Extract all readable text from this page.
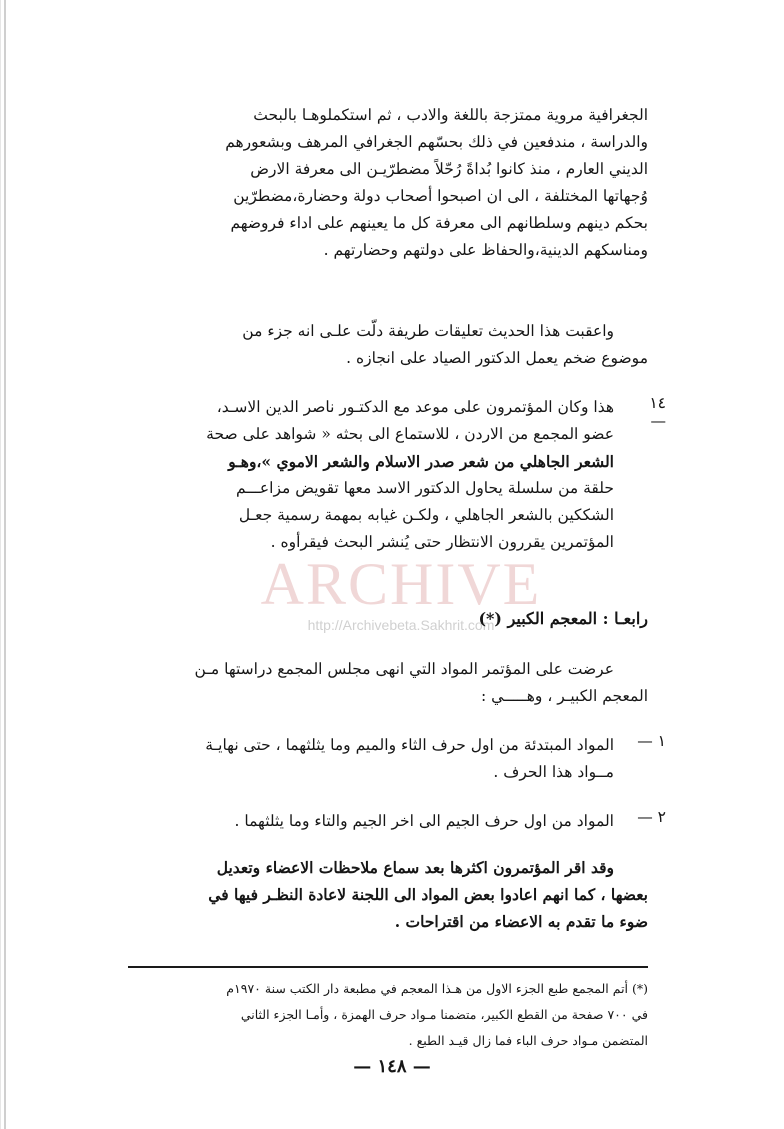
ARCHIVE
http://Archivebeta.Sakhrit.com
الجغرافية مروية ممتزجة باللغة والادب ، ثم استكملوهـا بالبحث
والدراسة ، مندفعين في ذلك بحسّهم الجغرافي المرهف وبشعورهم
الديني العارم ، منذ كانوا بُداةً رُحّلاً مضطرّيـن الى معرفة الارض
وُجهاتها المختلفة ، الى ان اصبحوا أصحاب دولة وحضارة،مضطرّين
بحكم دينهم وسلطانهم الى معرفة كل ما يعينهم على اداء فروضهم
ومناسكهم الدينية،والحفاظ على دولتهم وحضارتهم .
واعقبت هذا الحديث تعليقات طريفة دلّت علـى انه جزء من
موضوع ضخم يعمل الدكتور الصياد على انجازه .
١٤ —
هذا وكان المؤتمرون على موعد مع الدكتـور ناصر الدين الاسـد،
عضو المجمع من الاردن ، للاستماع الى بحثه « شواهد على صحة
الشعر الجاهلي من شعر صدر الاسلام والشعر الاموي »،وهـو
حلقة من سلسلة يحاول الدكتور الاسد معها تقويض مزاعـــم
الشككين بالشعر الجاهلي ، ولكـن غيابه بمهمة رسمية جعـل
المؤتمرين يقررون الانتظار حتى يُنشر البحث فيقرأوه .
رابعـا : المعجم الكبير (*)
عرضت على المؤتمر المواد التي انهى مجلس المجمع دراستها مـن
المعجم الكبيـر ، وهـــــي :
١ —
المواد المبتدئة من اول حرف الثاء والميم وما يثلثهما ، حتى نهايـة
مــواد هذا الحرف .
٢ —
المواد من اول حرف الجيم الى اخر الجيم والتاء وما يثلثهما .
وقد اقر المؤتمرون اكثرها بعد سماع ملاحظات الاعضاء وتعديل
بعضها ، كما انهم اعادوا بعض المواد الى اللجنة لاعادة النظـر فيها في
ضوء ما تقدم به الاعضاء من اقتراحات .
(*) أتم المجمع طبع الجزء الاول من هـذا المعجم في مطبعة دار الكتب سنة ١٩٧٠م
في ٧٠٠ صفحة من القطع الكبير، متضمنا مـواد حرف الهمزة ، وأمـا الجزء الثاني
المتضمن مـواد حرف الباء فما زال قيـد الطبع .
— ١٤٨ —
